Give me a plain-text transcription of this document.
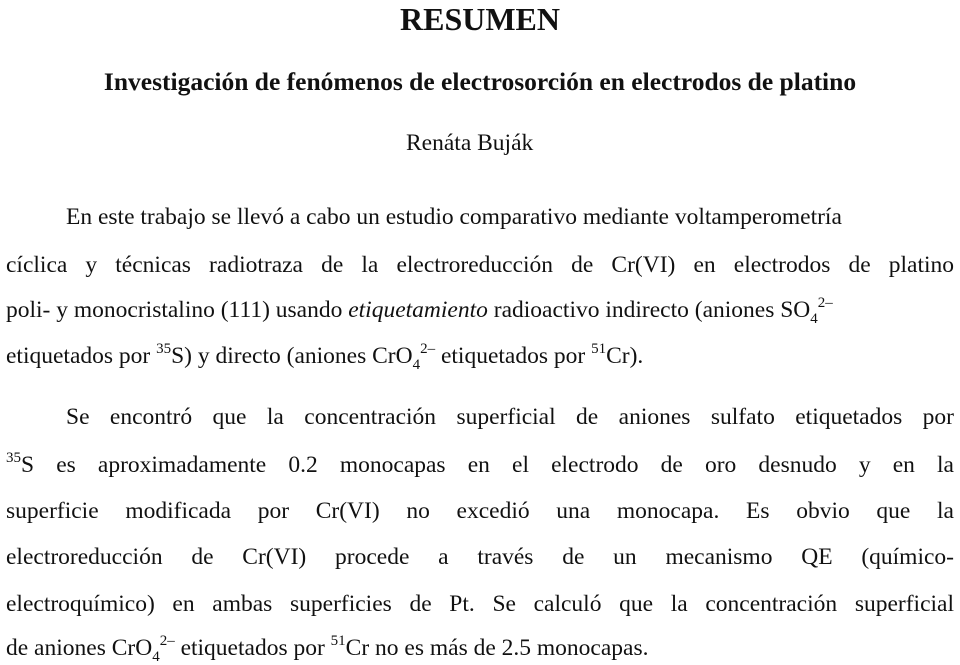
RESUMEN
Investigación de fenómenos de electrosorción en electrodos de platino
Renáta Buják
En este trabajo se llevó a cabo un estudio comparativo mediante voltamperometría
cíclica y técnicas radiotraza de la electroreducción de Cr(VI) en electrodos de platino
poli- y monocristalino (111) usando etiquetamiento radioactivo indirecto (aniones $SO_4^{2-}$
etiquetados por $^{35}$S) y directo (aniones CrO$_4^{2-}$ etiquetados por $^{51}$Cr).
Se encontró que la concentración superficial de aniones sulfato etiquetados por
$^{35}$S es aproximadamente 0.2 monocapas en el electrodo de oro desnudo y en la
superficie modificada por Cr(VI) no excedió una monocapa. Es obvio que la
electroreducción de Cr(VI) procede a través de un mecanismo QE (químico-
electroquímico) en ambas superficies de Pt. Se calculó que la concentración superficial
de aniones CrO$_4^{2-}$ etiquetados por $^{51}$Cr no es más de 2.5 monocapas.
